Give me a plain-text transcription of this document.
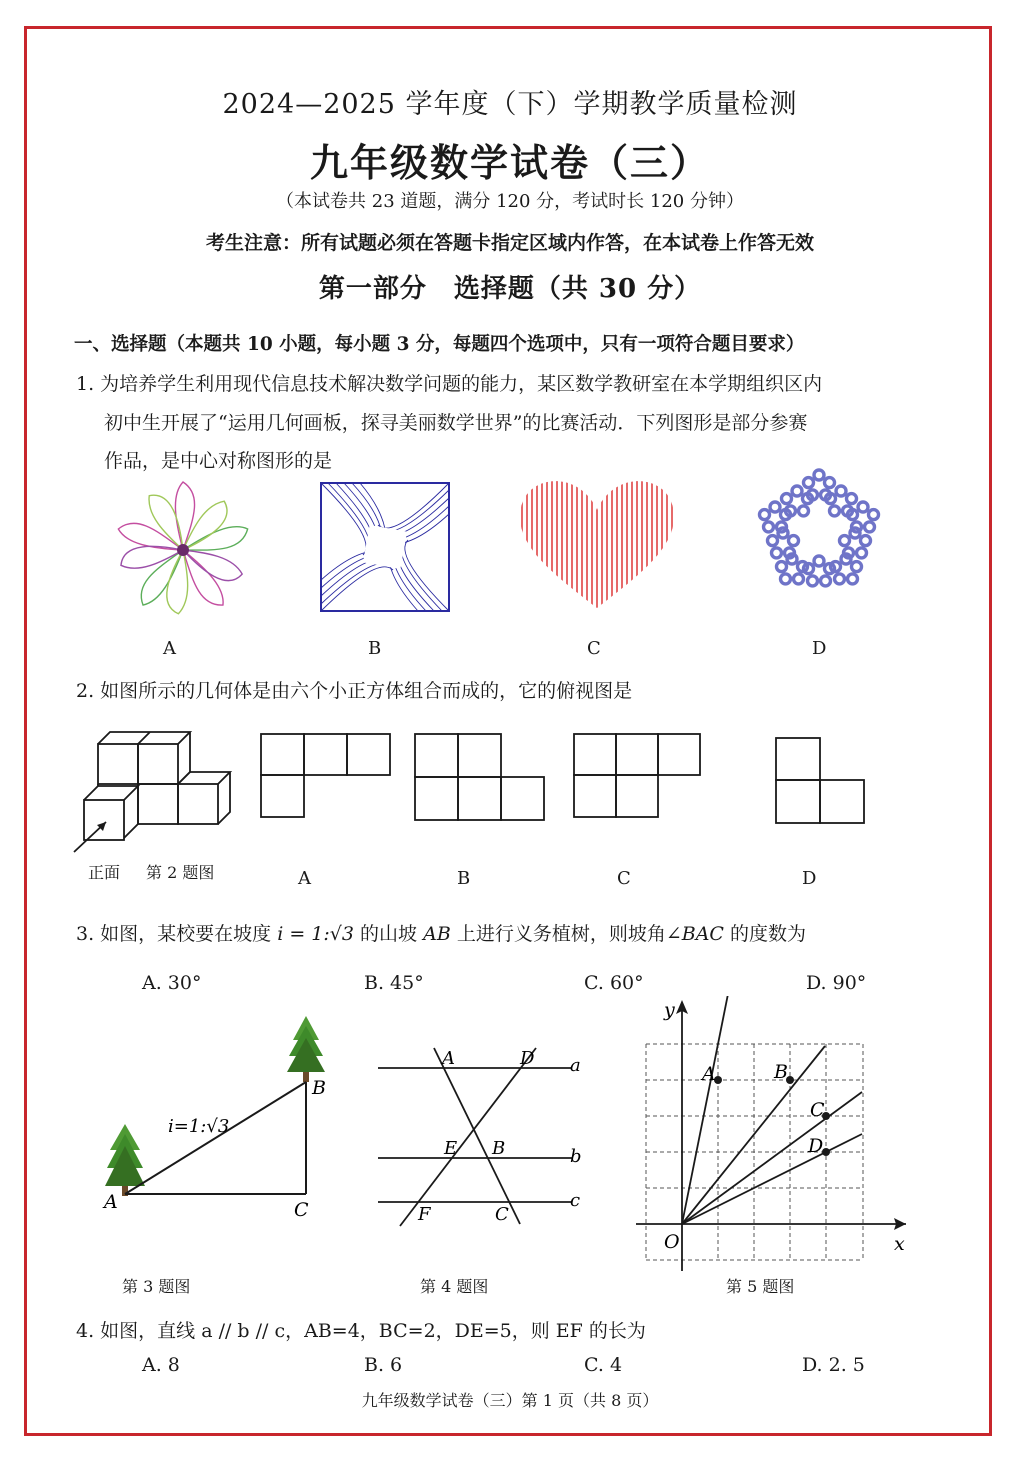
2024—2025 学年度（下）学期教学质量检测
九年级数学试卷（三）
（本试卷共 23 道题，满分 120 分，考试时长 120 分钟）
考生注意：所有试题必须在答题卡指定区域内作答，在本试卷上作答无效
第一部分　选择题（共 30 分）
一、选择题（本题共 10 小题，每小题 3 分，每题四个选项中，只有一项符合题目要求）
1. 为培养学生利用现代信息技术解决数学问题的能力，某区数学教研室在本学期组织区内
初中生开展了“运用几何画板，探寻美丽数学世界”的比赛活动．下列图形是部分参赛
作品，是中心对称图形的是
A	B	C	D
2. 如图所示的几何体是由六个小正方体组合而成的，它的俯视图是
正面 第 2 题图	A	B	C	D
3. 如图，某校要在坡度 i = 1:√3 的山坡 AB 上进行义务植树，则坡角∠BAC 的度数为
A. 30°	B. 45°	C. 60°	D. 90°
A
B
C
i=1:√3
第 3 题图
A	D a
E B	b
F	C
c
第 4 题图
y
x
O
A	B
C
D
第 5 题图
4. 如图，直线 a // b // c，AB=4，BC=2，DE=5，则 EF 的长为
A. 8	B. 6	C. 4	D. 2. 5
九年级数学试卷（三）第 1 页（共 8 页）
